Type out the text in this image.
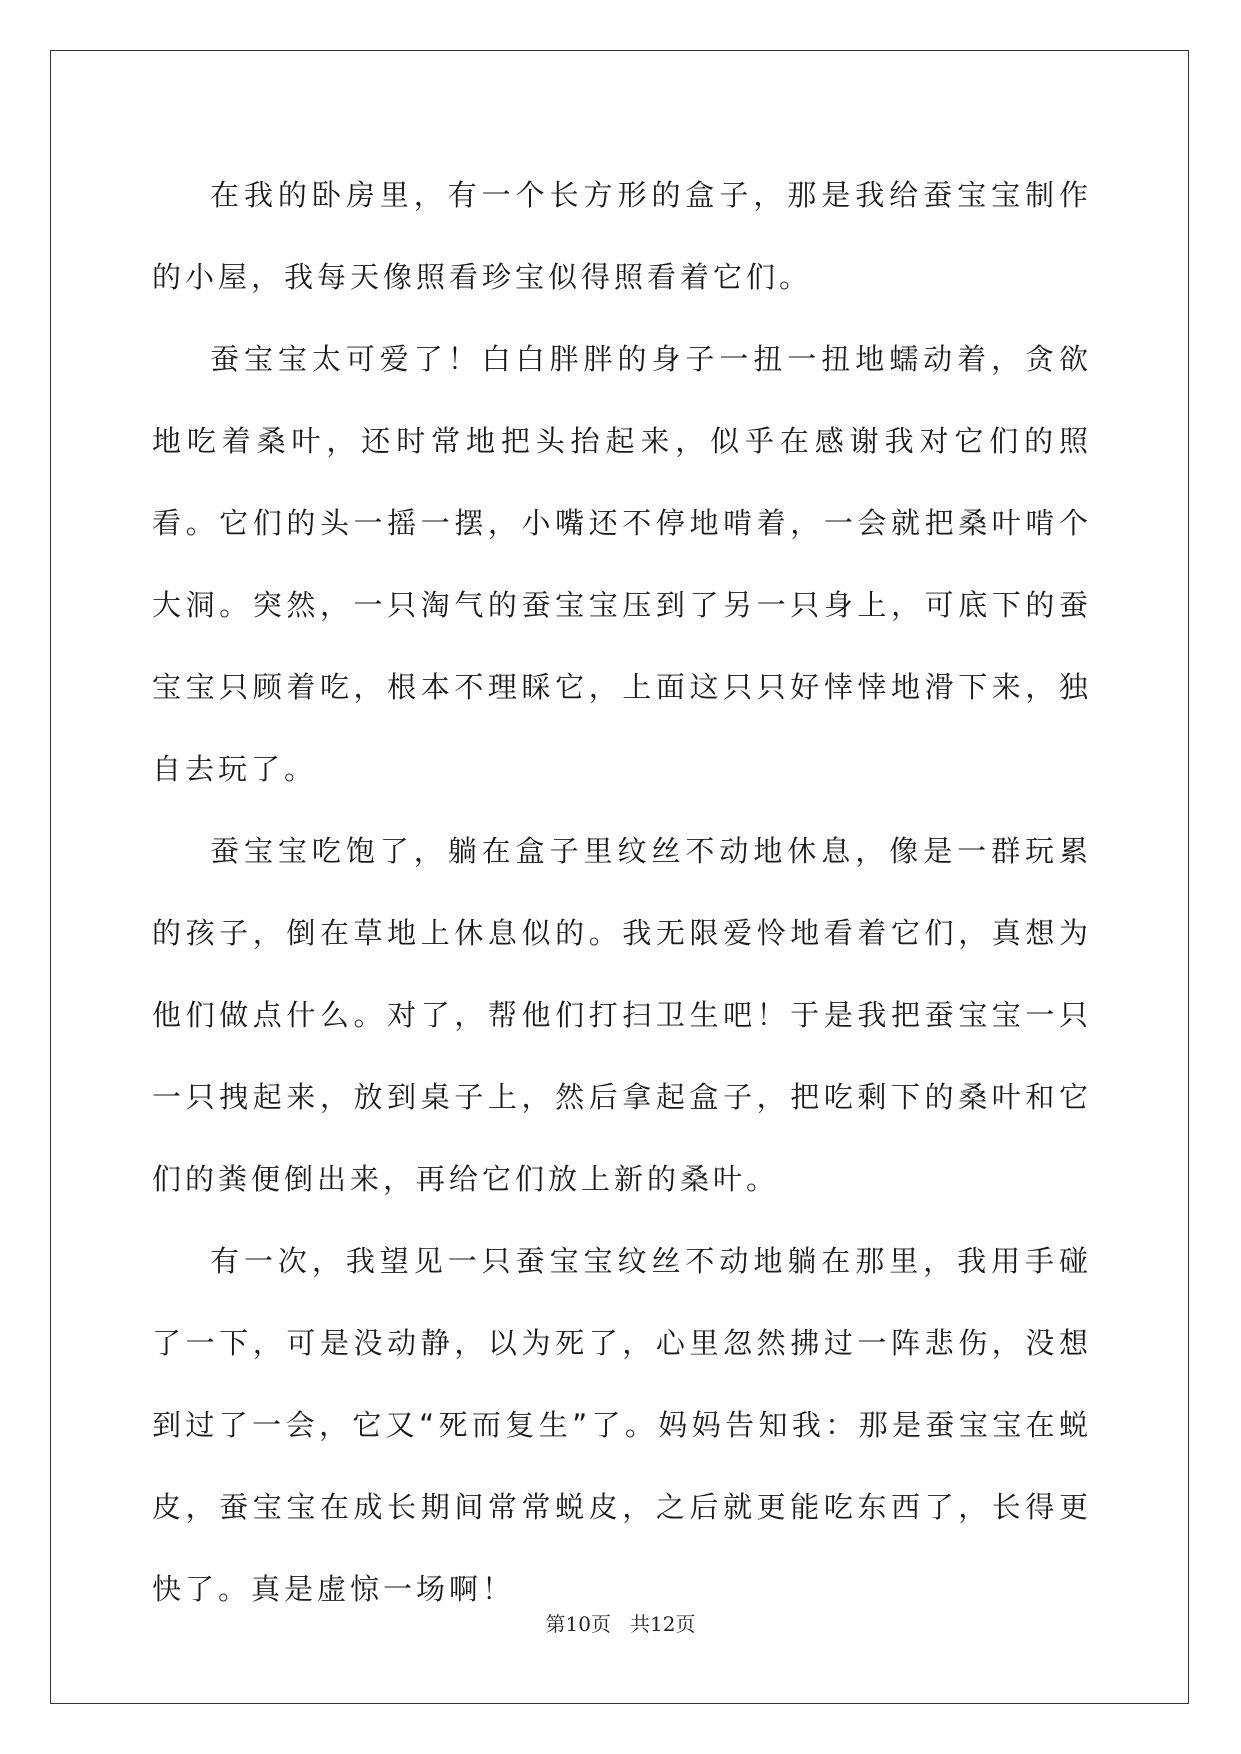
在我的卧房里，有一个长方形的盒子，那是我给蚕宝宝制作的小屋，我每天像照看珍宝似得照看着它们。

蚕宝宝太可爱了！白白胖胖的身子一扭一扭地蠕动着，贪欲地吃着桑叶，还时常地把头抬起来，似乎在感谢我对它们的照看。它们的头一摇一摆，小嘴还不停地啃着，一会就把桑叶啃个大洞。突然，一只淘气的蚕宝宝压到了另一只身上，可底下的蚕宝宝只顾着吃，根本不理睬它，上面这只只好悻悻地滑下来，独自去玩了。

蚕宝宝吃饱了，躺在盒子里纹丝不动地休息，像是一群玩累的孩子，倒在草地上休息似的。我无限爱怜地看着它们，真想为他们做点什么。对了，帮他们打扫卫生吧！于是我把蚕宝宝一只一只拽起来，放到桌子上，然后拿起盒子，把吃剩下的桑叶和它们的粪便倒出来，再给它们放上新的桑叶。

有一次，我望见一只蚕宝宝纹丝不动地躺在那里，我用手碰了一下，可是没动静，以为死了，心里忽然拂过一阵悲伤，没想到过了一会，它又“死而复生”了。妈妈告知我：那是蚕宝宝在蜕皮，蚕宝宝在成长期间常常蜕皮，之后就更能吃东西了，长得更快了。真是虚惊一场啊！

第10页   共12页
